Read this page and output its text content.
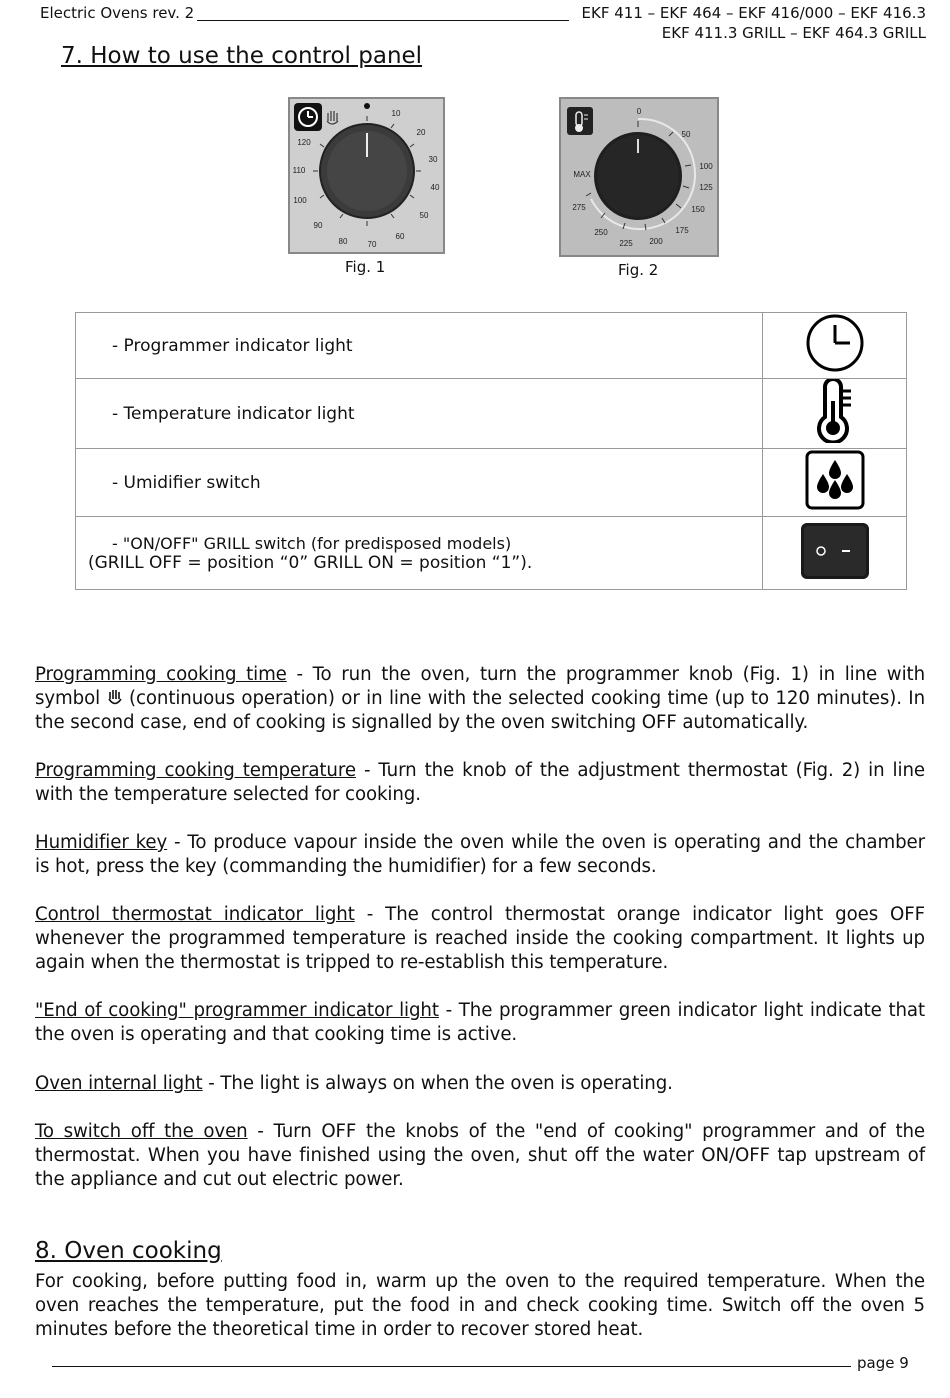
Electric Ovens rev. 2	EKF 411 – EKF 464 – EKF 416/000 – EKF 416.3
EKF 411.3 GRILL – EKF 464.3 GRILL
7. How to use the control panel
10
20
30
40
50
60
70
80
90
100
110
120
Fig. 1
0
50
100
125
150
175
200
225
250
275
MAX
Fig. 2
- Programmer indicator light	
- Temperature indicator light	
- Umidifier switch	

- "ON/OFF" GRILL switch (for predisposed models)
(GRILL OFF = position “0” GRILL ON = position “1”).

Programming cooking time - To run the oven, turn the programmer knob (Fig. 1) in line with symbol  (continuous operation) or in line with the selected cooking time (up to 120 minutes). In the second case, end of cooking is signalled by the oven switching OFF automatically.
Programming cooking temperature - Turn the knob of the adjustment thermostat (Fig. 2) in line with the temperature selected for cooking.
Humidifier key - To produce vapour inside the oven while the oven is operating and the chamber is hot, press the key (commanding the humidifier) for a few seconds.
Control thermostat indicator light - The control thermostat orange indicator light goes OFF whenever the programmed temperature is reached inside the cooking compartment. It lights up again when the thermostat is tripped to re-establish this temperature.
"End of cooking" programmer indicator light - The programmer green indicator light indicate that the oven is operating and that cooking time is active.
Oven internal light - The light is always on when the oven is operating.
To switch off the oven - Turn OFF the knobs of the "end of cooking" programmer and of the thermostat. When you have finished using the oven, shut off the water ON/OFF tap upstream of the appliance and cut out electric power.
8. Oven cooking
For cooking, before putting food in, warm up the oven to the required temperature. When the oven reaches the temperature, put the food in and check cooking time. Switch off the oven 5 minutes before the theoretical time in order to recover stored heat.
page 9
